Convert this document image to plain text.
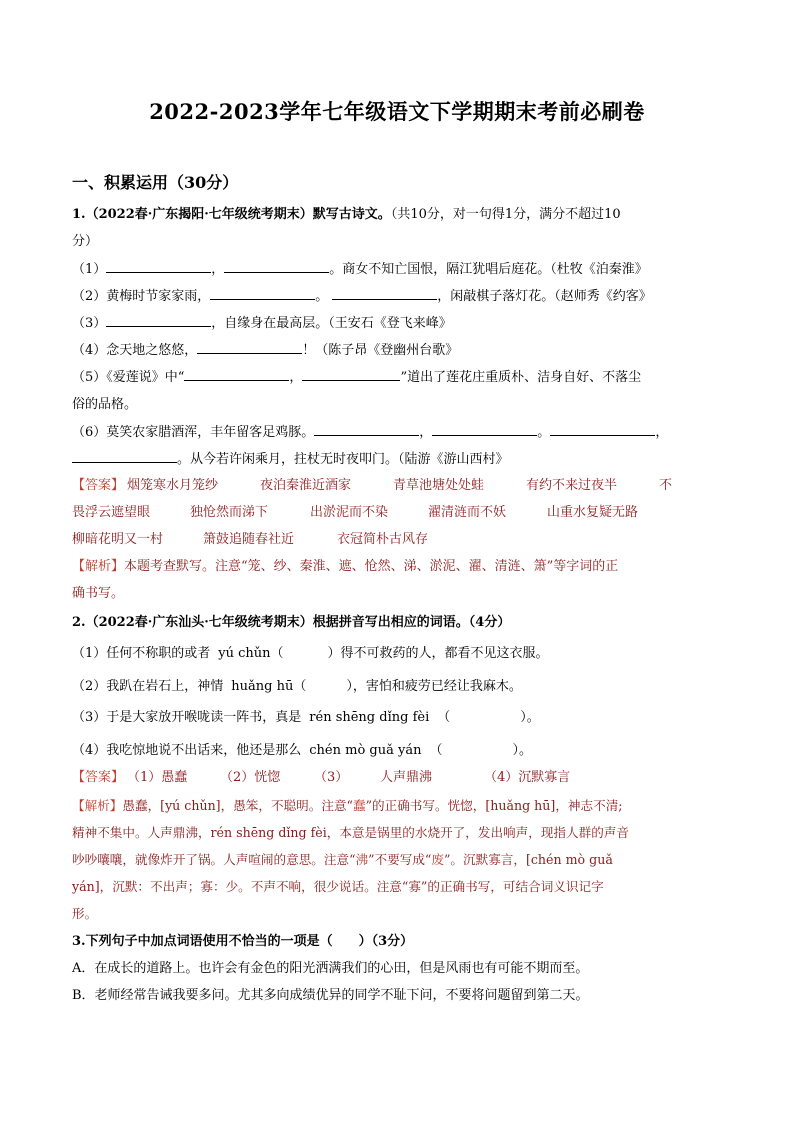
2022-2023学年七年级语文下学期期末考前必刷卷
一、积累运用（30分）
1.（2022春·广东揭阳·七年级统考期末）默写古诗文。（共10分，对一句得1分，满分不超过10
分）
（1）	，	。商女不知亡国恨，隔江犹唱后庭花。（杜牧《泊秦淮》
（2）黄梅时节家家雨，	。	，闲敲棋子落灯花。（赵师秀《约客》
（3）	，自缘身在最高层。（王安石《登飞来峰》
（4）念天地之悠悠，	！（陈子昂《登幽州台歌》
（5）《爱莲说》中“	，	”道出了莲花庄重质朴、洁身自好、不落尘
俗的品格。
（6）莫笑农家腊酒浑，丰年留客足鸡豚。	，	。	，
。从今若许闲乘月，拄杖无时夜叩门。（陆游《游山西村》
【答案】 烟笼寒水月笼纱	夜泊秦淮近酒家	青草池塘处处蛙	有约不来过夜半	不
畏浮云遮望眼	独怆然而涕下	出淤泥而不染	濯清涟而不妖	山重水复疑无路
柳暗花明又一村	箫鼓追随春社近	衣冠简朴古风存
【解析】本题考查默写。注意“笼、纱、秦淮、遮、怆然、涕、淤泥、濯、清涟、箫”等字词的正
确书写。
2.（2022春·广东汕头·七年级统考期末）根据拼音写出相应的词语。（4分）
（1）任何不称职的或者 yú chǔn（	）得不可救药的人，都看不见这衣服。
（2）我趴在岩石上，神情 huǎng hū（	），害怕和疲劳已经让我麻木。
（3）于是大家放开喉咙读一阵书，真是 rén shēng dǐng fèi （	）。
（4）我吃惊地说不出话来，他还是那么 chén mò guǎ yán （	）。
【答案】 （1）愚蠢	（2）恍惚	（3） 人声鼎沸	（4）沉默寡言
【解析】愚蠢，[yú chǔn]，愚笨，不聪明。注意“蠢”的正确书写。恍惚，[huǎng hū]，神志不清;
精神不集中。人声鼎沸，rén shēng dǐng fèi，本意是锅里的水烧开了，发出响声，现指人群的声音
吵吵嚷嚷，就像炸开了锅。人声喧闹的意思。注意“沸”不要写成“废”。沉默寡言，[chén mò guǎ
yán]，沉默：不出声；寡：少。不声不响，很少说话。注意“寡”的正确书写，可结合词义识记字
形。
3.下列句子中加点词语使用不恰当的一项是（　　）（3分）
A．在成长的道路上。也许会有金色的阳光洒满我们的心田，但是风雨也有可能不期而至。
B．老师经常告诫我要多问。尤其多向成绩优异的同学不耻下问，不要将问题留到第二天。
